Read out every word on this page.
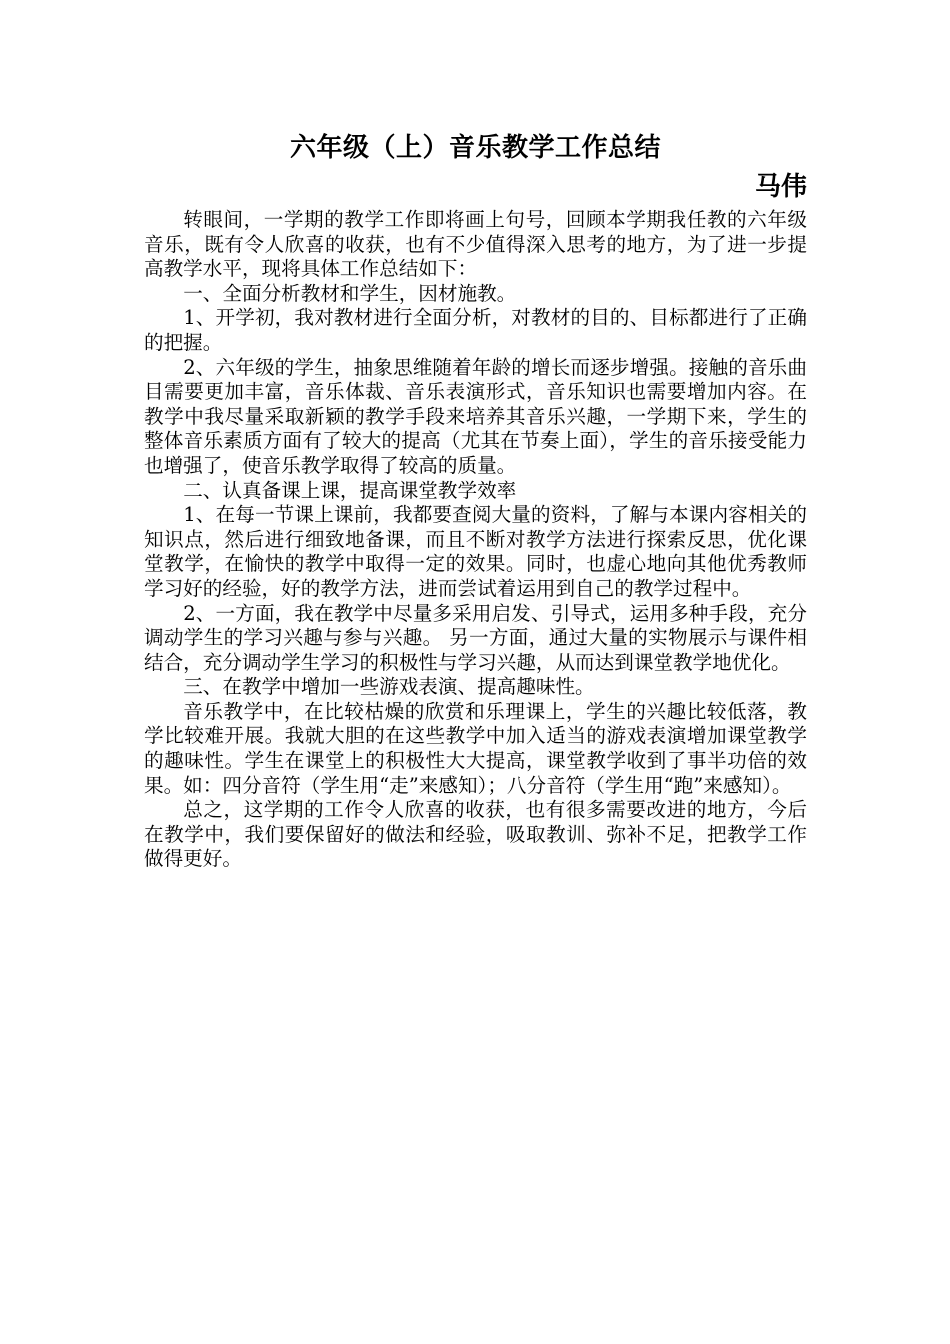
六年级（上）音乐教学工作总结
马伟

转眼间，一学期的教学工作即将画上句号，回顾本学期我任教的六年级音乐，既有令人欣喜的收获，也有不少值得深入思考的地方，为了进一步提高教学水平，现将具体工作总结如下：

一、全面分析教材和学生，因材施教。

1、开学初，我对教材进行全面分析，对教材的目的、目标都进行了正确的把握。

2、六年级的学生，抽象思维随着年龄的增长而逐步增强。接触的音乐曲目需要更加丰富，音乐体裁、音乐表演形式，音乐知识也需要增加内容。在教学中我尽量采取新颖的教学手段来培养其音乐兴趣，一学期下来，学生的整体音乐素质方面有了较大的提高（尤其在节奏上面），学生的音乐接受能力也增强了，使音乐教学取得了较高的质量。

二、认真备课上课，提高课堂教学效率

1、在每一节课上课前，我都要查阅大量的资料，了解与本课内容相关的知识点，然后进行细致地备课，而且不断对教学方法进行探索反思，优化课堂教学，在愉快的教学中取得一定的效果。同时，也虚心地向其他优秀教师学习好的经验，好的教学方法，进而尝试着运用到自己的教学过程中。

2、一方面，我在教学中尽量多采用启发、引导式，运用多种手段，充分调动学生的学习兴趣与参与兴趣。 另一方面，通过大量的实物展示与课件相结合，充分调动学生学习的积极性与学习兴趣，从而达到课堂教学地优化。

三、在教学中增加一些游戏表演、提高趣味性。

音乐教学中，在比较枯燥的欣赏和乐理课上，学生的兴趣比较低落，教学比较难开展。我就大胆的在这些教学中加入适当的游戏表演增加课堂教学的趣味性。学生在课堂上的积极性大大提高，课堂教学收到了事半功倍的效果。如：四分音符（学生用“走”来感知）；八分音符（学生用“跑”来感知）。

总之，这学期的工作令人欣喜的收获，也有很多需要改进的地方，今后在教学中，我们要保留好的做法和经验，吸取教训、弥补不足，把教学工作做得更好。
